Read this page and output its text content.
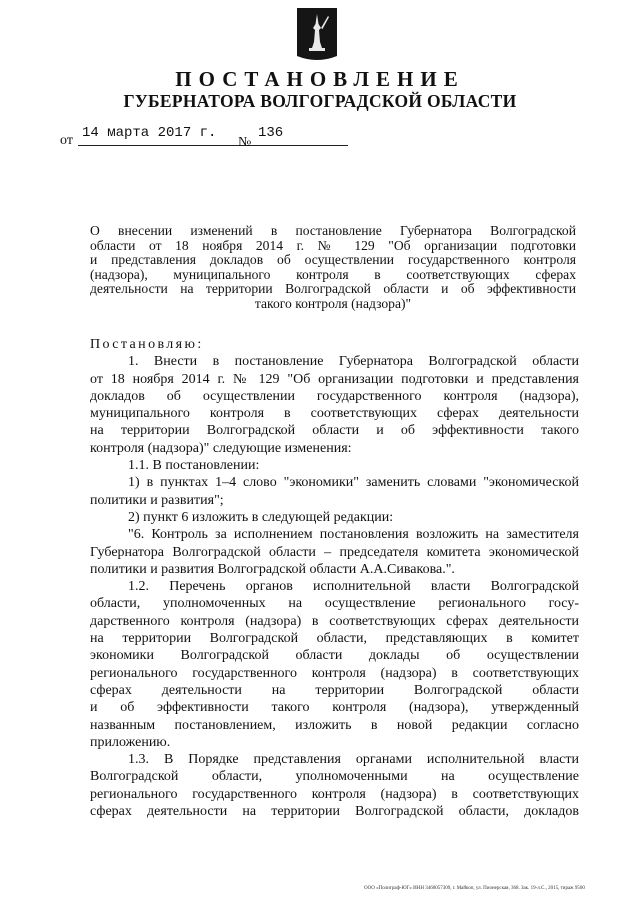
ПОСТАНОВЛЕНИЕ
ГУБЕРНАТОРА ВОЛГОГРАДСКОЙ ОБЛАСТИ
от 14 марта 2017 г.
№
136
О внесении изменений в постановление Губернатора Волгоградской
области от 18 ноября 2014 г. № 129 "Об организации подготовки
и представления докладов об осуществлении государственного контроля
(надзора), муниципального контроля в соответствующих сферах
деятельности на территории Волгоградской области и об эффективности
такого контроля (надзора)"
Постановляю:
1. Внести в постановление Губернатора Волгоградской области
от 18 ноября 2014 г. № 129 "Об организации подготовки и представления
докладов об осуществлении государственного контроля (надзора),
муниципального контроля в соответствующих сферах деятельности
на территории Волгоградской области и об эффективности такого
контроля (надзора)" следующие изменения:
1.1. В постановлении:
1) в пунктах 1–4 слово "экономики" заменить словами "экономической
политики и развития";
2) пункт 6 изложить в следующей редакции:
"6. Контроль за исполнением постановления возложить на заместителя
Губернатора Волгоградской области – председателя комитета экономической
политики и развития Волгоградской области А.А.Сивакова.".
1.2. Перечень органов исполнительной власти Волгоградской
области, уполномоченных на осуществление регионального госу-
дарственного контроля (надзора) в соответствующих сферах деятельности
на территории Волгоградской области, представляющих в комитет
экономики Волгоградской области доклады об осуществлении
регионального государственного контроля (надзора) в соответствующих
сферах деятельности на территории Волгоградской области
и об эффективности такого контроля (надзора), утвержденный
названным постановлением, изложить в новой редакции согласно
приложению.
1.3. В Порядке представления органами исполнительной власти
Волгоградской области, уполномоченными на осуществление
регионального государственного контроля (надзора) в соответствующих
сферах деятельности на территории Волгоградской области, докладов
ООО «Полиграф-ЮГ» ИНН 3460057309, г. Майкоп, ул. Пионерская, 368. Зак. 19-л.С., 2015, тираж 9500
